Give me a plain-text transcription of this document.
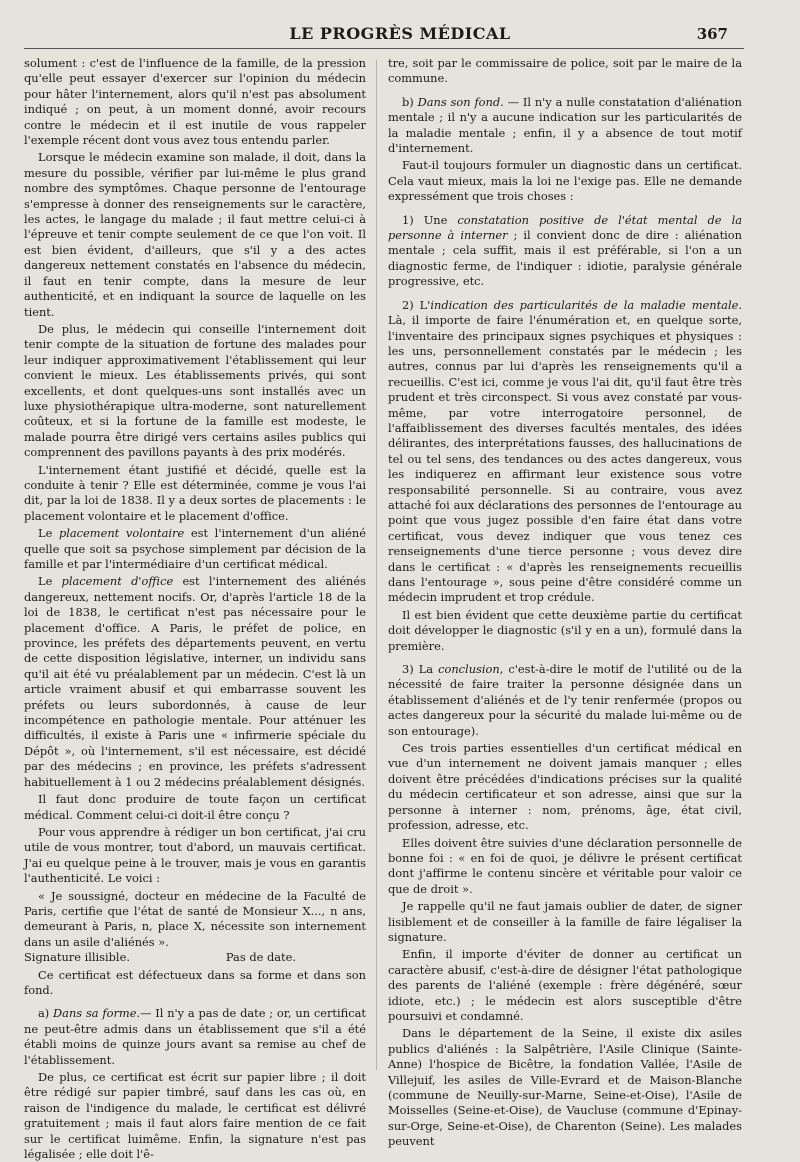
LE PROGRÈS MÉDICAL	367

solument : c'est de l'influence de la famille, de la pression qu'elle peut essayer d'exercer sur l'opinion du médecin pour hâter l'internement, alors qu'il n'est pas absolument indiqué ; on peut, à un moment donné, avoir recours contre le médecin et il est inutile de vous rappeler l'exemple récent dont vous avez tous entendu parler.

Lorsque le médecin examine son malade, il doit, dans la mesure du possible, vérifier par lui-même le plus grand nombre des symptômes. Chaque personne de l'entourage s'empresse à donner des renseignements sur le caractère, les actes, le langage du malade ; il faut mettre celui-ci à l'épreuve et tenir compte seulement de ce que l'on voit. Il est bien évident, d'ailleurs, que s'il y a des actes dangereux nettement constatés en l'absence du médecin, il faut en tenir compte, dans la mesure de leur authenticité, et en indiquant la source de laquelle on les tient.

De plus, le médecin qui conseille l'internement doit tenir compte de la situation de fortune des malades pour leur indiquer approximativement l'établissement qui leur convient le mieux. Les établissements privés, qui sont excellents, et dont quelques-uns sont installés avec un luxe physiothérapique ultra-moderne, sont naturellement coûteux, et si la fortune de la famille est modeste, le malade pourra être dirigé vers certains asiles publics qui comprennent des pavillons payants à des prix modérés.

L'internement étant justifié et décidé, quelle est la conduite à tenir ? Elle est déterminée, comme je vous l'ai dit, par la loi de 1838. Il y a deux sortes de placements : le placement volontaire et le placement d'office.

Le placement volontaire est l'internement d'un aliéné quelle que soit sa psychose simplement par décision de la famille et par l'intermédiaire d'un certificat médical.

Le placement d'office est l'internement des aliénés dangereux, nettement nocifs. Or, d'après l'article 18 de la loi de 1838, le certificat n'est pas nécessaire pour le placement d'office. A Paris, le préfet de police, en province, les préfets des départements peuvent, en vertu de cette disposition législative, interner, un individu sans qu'il ait été vu préalablement par un médecin. C'est là un article vraiment abusif et qui embarrasse souvent les préfets ou leurs subordonnés, à cause de leur incompétence en pathologie mentale. Pour atténuer les difficultés, il existe à Paris une « infirmerie spéciale du Dépôt », où l'internement, s'il est nécessaire, est décidé par des médecins ; en province, les préfets s'adressent habituellement à 1 ou 2 médecins préalablement désignés.

Il faut donc produire de toute façon un certificat médical. Comment celui-ci doit-il être conçu ?

Pour vous apprendre à rédiger un bon certificat, j'ai cru utile de vous montrer, tout d'abord, un mauvais certificat. J'ai eu quelque peine à le trouver, mais je vous en garantis l'authenticité. Le voici :

« Je soussigné, docteur en médecine de la Faculté de Paris, certifie que l'état de santé de Monsieur X..., n ans, demeurant à Paris, n, place X, nécessite son internement dans un asile d'aliénés ».

Signature illisible.	Pas de date.

Ce certificat est défectueux dans sa forme et dans son fond.

a) Dans sa forme.— Il n'y a pas de date ; or, un certificat ne peut-être admis dans un établissement que s'il a été établi moins de quinze jours avant sa remise au chef de l'établissement.

De plus, ce certificat est écrit sur papier libre ; il doit être rédigé sur papier timbré, sauf dans les cas où, en raison de l'indigence du malade, le certificat est délivré gratuitement ; mais il faut alors faire mention de ce fait sur le certificat luimême. Enfin, la signature n'est pas légalisée ; elle doit l'ê-

tre, soit par le commissaire de police, soit par le maire de la commune.

b) Dans son fond. — Il n'y a nulle constatation d'aliénation mentale ; il n'y a aucune indication sur les particularités de la maladie mentale ; enfin, il y a absence de tout motif d'internement.

Faut-il toujours formuler un diagnostic dans un certificat. Cela vaut mieux, mais la loi ne l'exige pas. Elle ne demande expressément que trois choses :

1) Une constatation positive de l'état mental de la personne à interner ; il convient donc de dire : aliénation mentale ; cela suffit, mais il est préférable, si l'on a un diagnostic ferme, de l'indiquer : idiotie, paralysie générale progressive, etc.

2) L'indication des particularités de la maladie mentale. Là, il importe de faire l'énumération et, en quelque sorte, l'inventaire des principaux signes psychiques et physiques : les uns, personnellement constatés par le médecin ; les autres, connus par lui d'après les renseignements qu'il a recueillis. C'est ici, comme je vous l'ai dit, qu'il faut être très prudent et très circonspect. Si vous avez constaté par vous-même, par votre interrogatoire personnel, de l'affaiblissement des diverses facultés mentales, des idées délirantes, des interprétations fausses, des hallucinations de tel ou tel sens, des tendances ou des actes dangereux, vous les indiquerez en affirmant leur existence sous votre responsabilité personnelle. Si au contraire, vous avez attaché foi aux déclarations des personnes de l'entourage au point que vous jugez possible d'en faire état dans votre certificat, vous devez indiquer que vous tenez ces renseignements d'une tierce personne ; vous devez dire dans le certificat : « d'après les renseignements recueillis dans l'entourage », sous peine d'être considéré comme un médecin imprudent et trop crédule.

Il est bien évident que cette deuxième partie du certificat doit développer le diagnostic (s'il y en a un), formulé dans la première.

3) La conclusion, c'est-à-dire le motif de l'utilité ou de la nécessité de faire traiter la personne désignée dans un établissement d'aliénés et de l'y tenir renfermée (propos ou actes dangereux pour la sécurité du malade lui-même ou de son entourage).

Ces trois parties essentielles d'un certificat médical en vue d'un internement ne doivent jamais manquer ; elles doivent être précédées d'indications précises sur la qualité du médecin certificateur et son adresse, ainsi que sur la personne à interner : nom, prénoms, âge, état civil, profession, adresse, etc.

Elles doivent être suivies d'une déclaration personnelle de bonne foi : « en foi de quoi, je délivre le présent certificat dont j'affirme le contenu sincère et véritable pour valoir ce que de droit ».

Je rappelle qu'il ne faut jamais oublier de dater, de signer lisiblement et de conseiller à la famille de faire légaliser la signature.

Enfin, il importe d'éviter de donner au certificat un caractère abusif, c'est-à-dire de désigner l'état pathologique des parents de l'aliéné (exemple : frère dégénéré, sœur idiote, etc.) ; le médecin est alors susceptible d'être poursuivi et condamné.

Dans le département de la Seine, il existe dix asiles publics d'aliénés : la Salpêtrière, l'Asile Clinique (Sainte-Anne) l'hospice de Bicêtre, la fondation Vallée, l'Asile de Villejuif, les asiles de Ville-Evrard et de Maison-Blanche (commune de Neuilly-sur-Marne, Seine-et-Oise), l'Asile de Moisselles (Seine-et-Oise), de Vaucluse (commune d'Epinay-sur-Orge, Seine-et-Oise), de Charenton (Seine). Les malades peuvent
